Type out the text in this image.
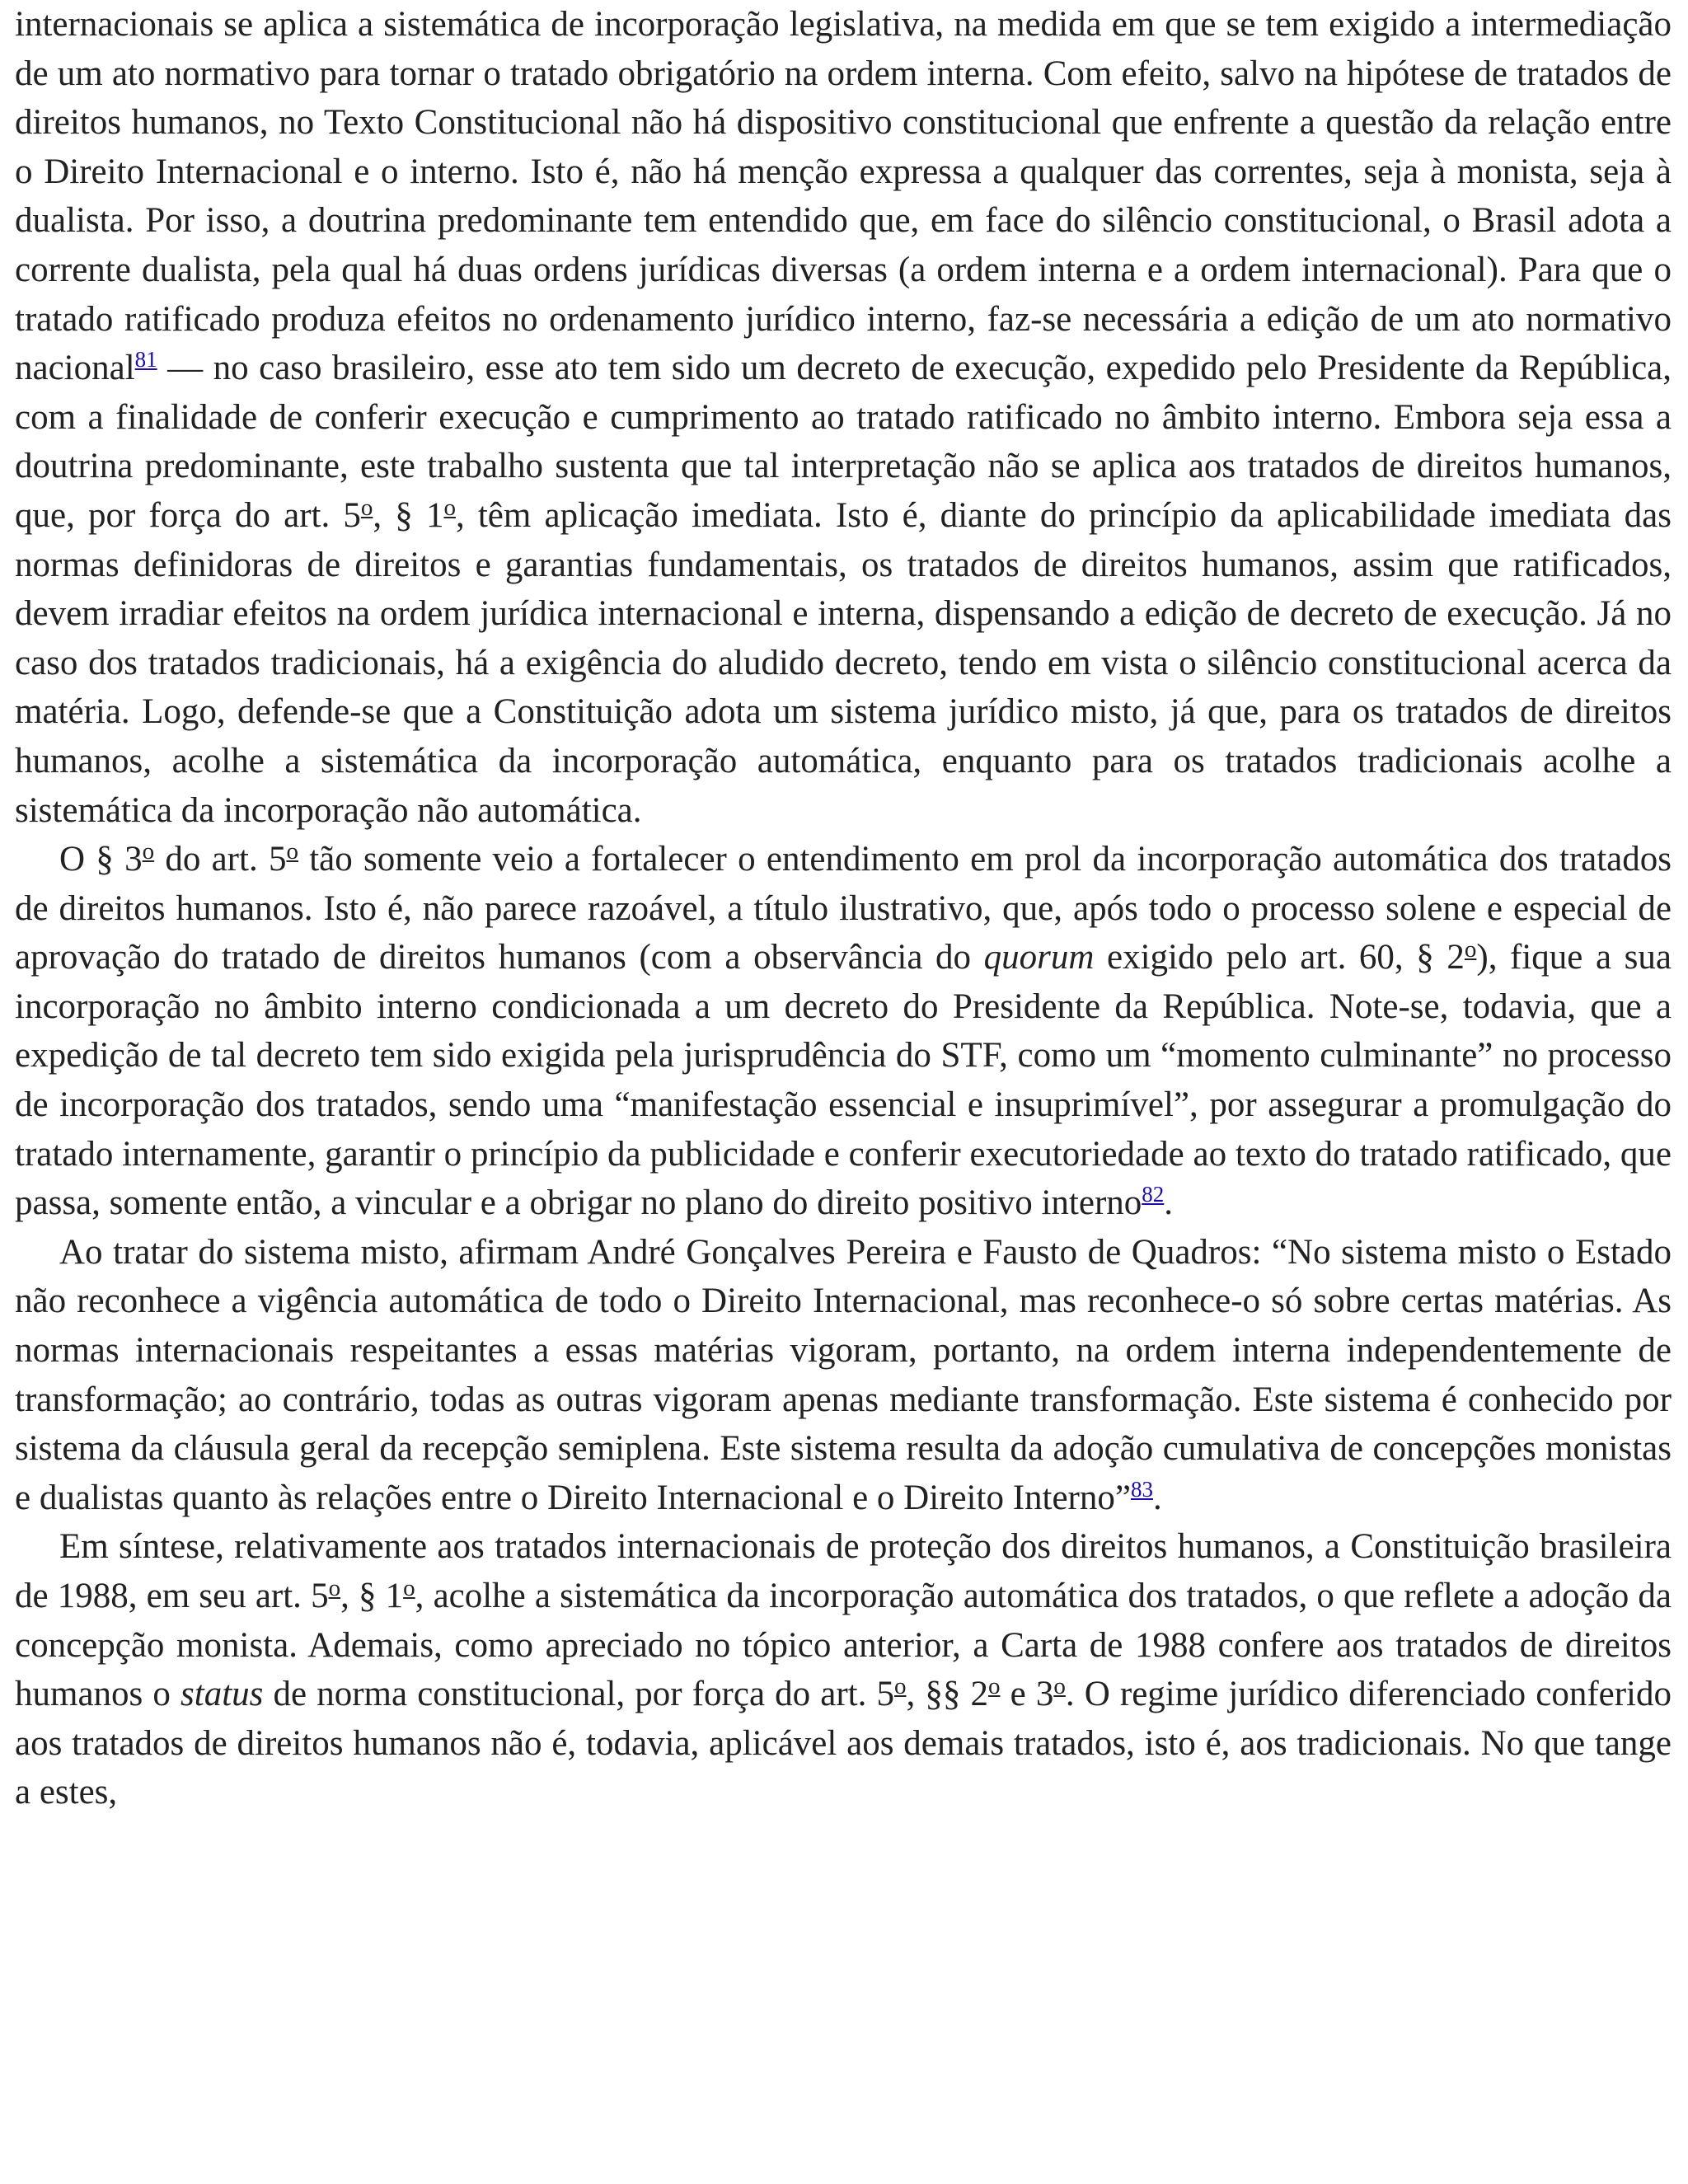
internacionais se aplica a sistemática de incorporação legislativa, na medida em que se tem exigido a intermediação de um ato normativo para tornar o tratado obrigatório na ordem interna. Com efeito, salvo na hipótese de tratados de direitos humanos, no Texto Constitucional não há dispositivo constitucional que enfrente a questão da relação entre o Direito Internacional e o interno. Isto é, não há menção expressa a qualquer das correntes, seja à monista, seja à dualista. Por isso, a doutrina predominante tem entendido que, em face do silêncio constitucional, o Brasil adota a corrente dualista, pela qual há duas ordens jurídicas diversas (a ordem interna e a ordem internacional). Para que o tratado ratificado produza efeitos no ordenamento jurídico interno, faz-se necessária a edição de um ato normativo nacional$^{81}$ — no caso brasileiro, esse ato tem sido um decreto de execução, expedido pelo Presidente da República, com a finalidade de conferir execução e cumprimento ao tratado ratificado no âmbito interno. Embora seja essa a doutrina predominante, este trabalho sustenta que tal interpretação não se aplica aos tratados de direitos humanos, que, por força do art. 5$^o$, § 1$^o$, têm aplicação imediata. Isto é, diante do princípio da aplicabilidade imediata das normas definidoras de direitos e garantias fundamentais, os tratados de direitos humanos, assim que ratificados, devem irradiar efeitos na ordem jurídica internacional e interna, dispensando a edição de decreto de execução. Já no caso dos tratados tradicionais, há a exigência do aludido decreto, tendo em vista o silêncio constitucional acerca da matéria. Logo, defende-se que a Constituição adota um sistema jurídico misto, já que, para os tratados de direitos humanos, acolhe a sistemática da incorporação automática, enquanto para os tratados tradicionais acolhe a sistemática da incorporação não automática.

O § 3$^o$ do art. 5$^o$ tão somente veio a fortalecer o entendimento em prol da incorporação automática dos tratados de direitos humanos. Isto é, não parece razoável, a título ilustrativo, que, após todo o processo solene e especial de aprovação do tratado de direitos humanos (com a observância do quorum exigido pelo art. 60, § 2$^o$), fique a sua incorporação no âmbito interno condicionada a um decreto do Presidente da República. Note-se, todavia, que a expedição de tal decreto tem sido exigida pela jurisprudência do STF, como um “momento culminante” no processo de incorporação dos tratados, sendo uma “manifestação essencial e insuprimível”, por assegurar a promulgação do tratado internamente, garantir o princípio da publicidade e conferir executoriedade ao texto do tratado ratificado, que passa, somente então, a vincular e a obrigar no plano do direito positivo interno$^{82}$.

Ao tratar do sistema misto, afirmam André Gonçalves Pereira e Fausto de Quadros: “No sistema misto o Estado não reconhece a vigência automática de todo o Direito Internacional, mas reconhece-o só sobre certas matérias. As normas internacionais respeitantes a essas matérias vigoram, portanto, na ordem interna independentemente de transformação; ao contrário, todas as outras vigoram apenas mediante transformação. Este sistema é conhecido por sistema da cláusula geral da recepção semiplena. Este sistema resulta da adoção cumulativa de concepções monistas e dualistas quanto às relações entre o Direito Internacional e o Direito Interno”$^{83}$.

Em síntese, relativamente aos tratados internacionais de proteção dos direitos humanos, a Constituição brasileira de 1988, em seu art. 5$^o$, § 1$^o$, acolhe a sistemática da incorporação automática dos tratados, o que reflete a adoção da concepção monista. Ademais, como apreciado no tópico anterior, a Carta de 1988 confere aos tratados de direitos humanos o status de norma constitucional, por força do art. 5$^o$, §§ 2$^o$ e 3$^o$. O regime jurídico diferenciado conferido aos tratados de direitos humanos não é, todavia, aplicável aos demais tratados, isto é, aos tradicionais. No que tange a estes,
